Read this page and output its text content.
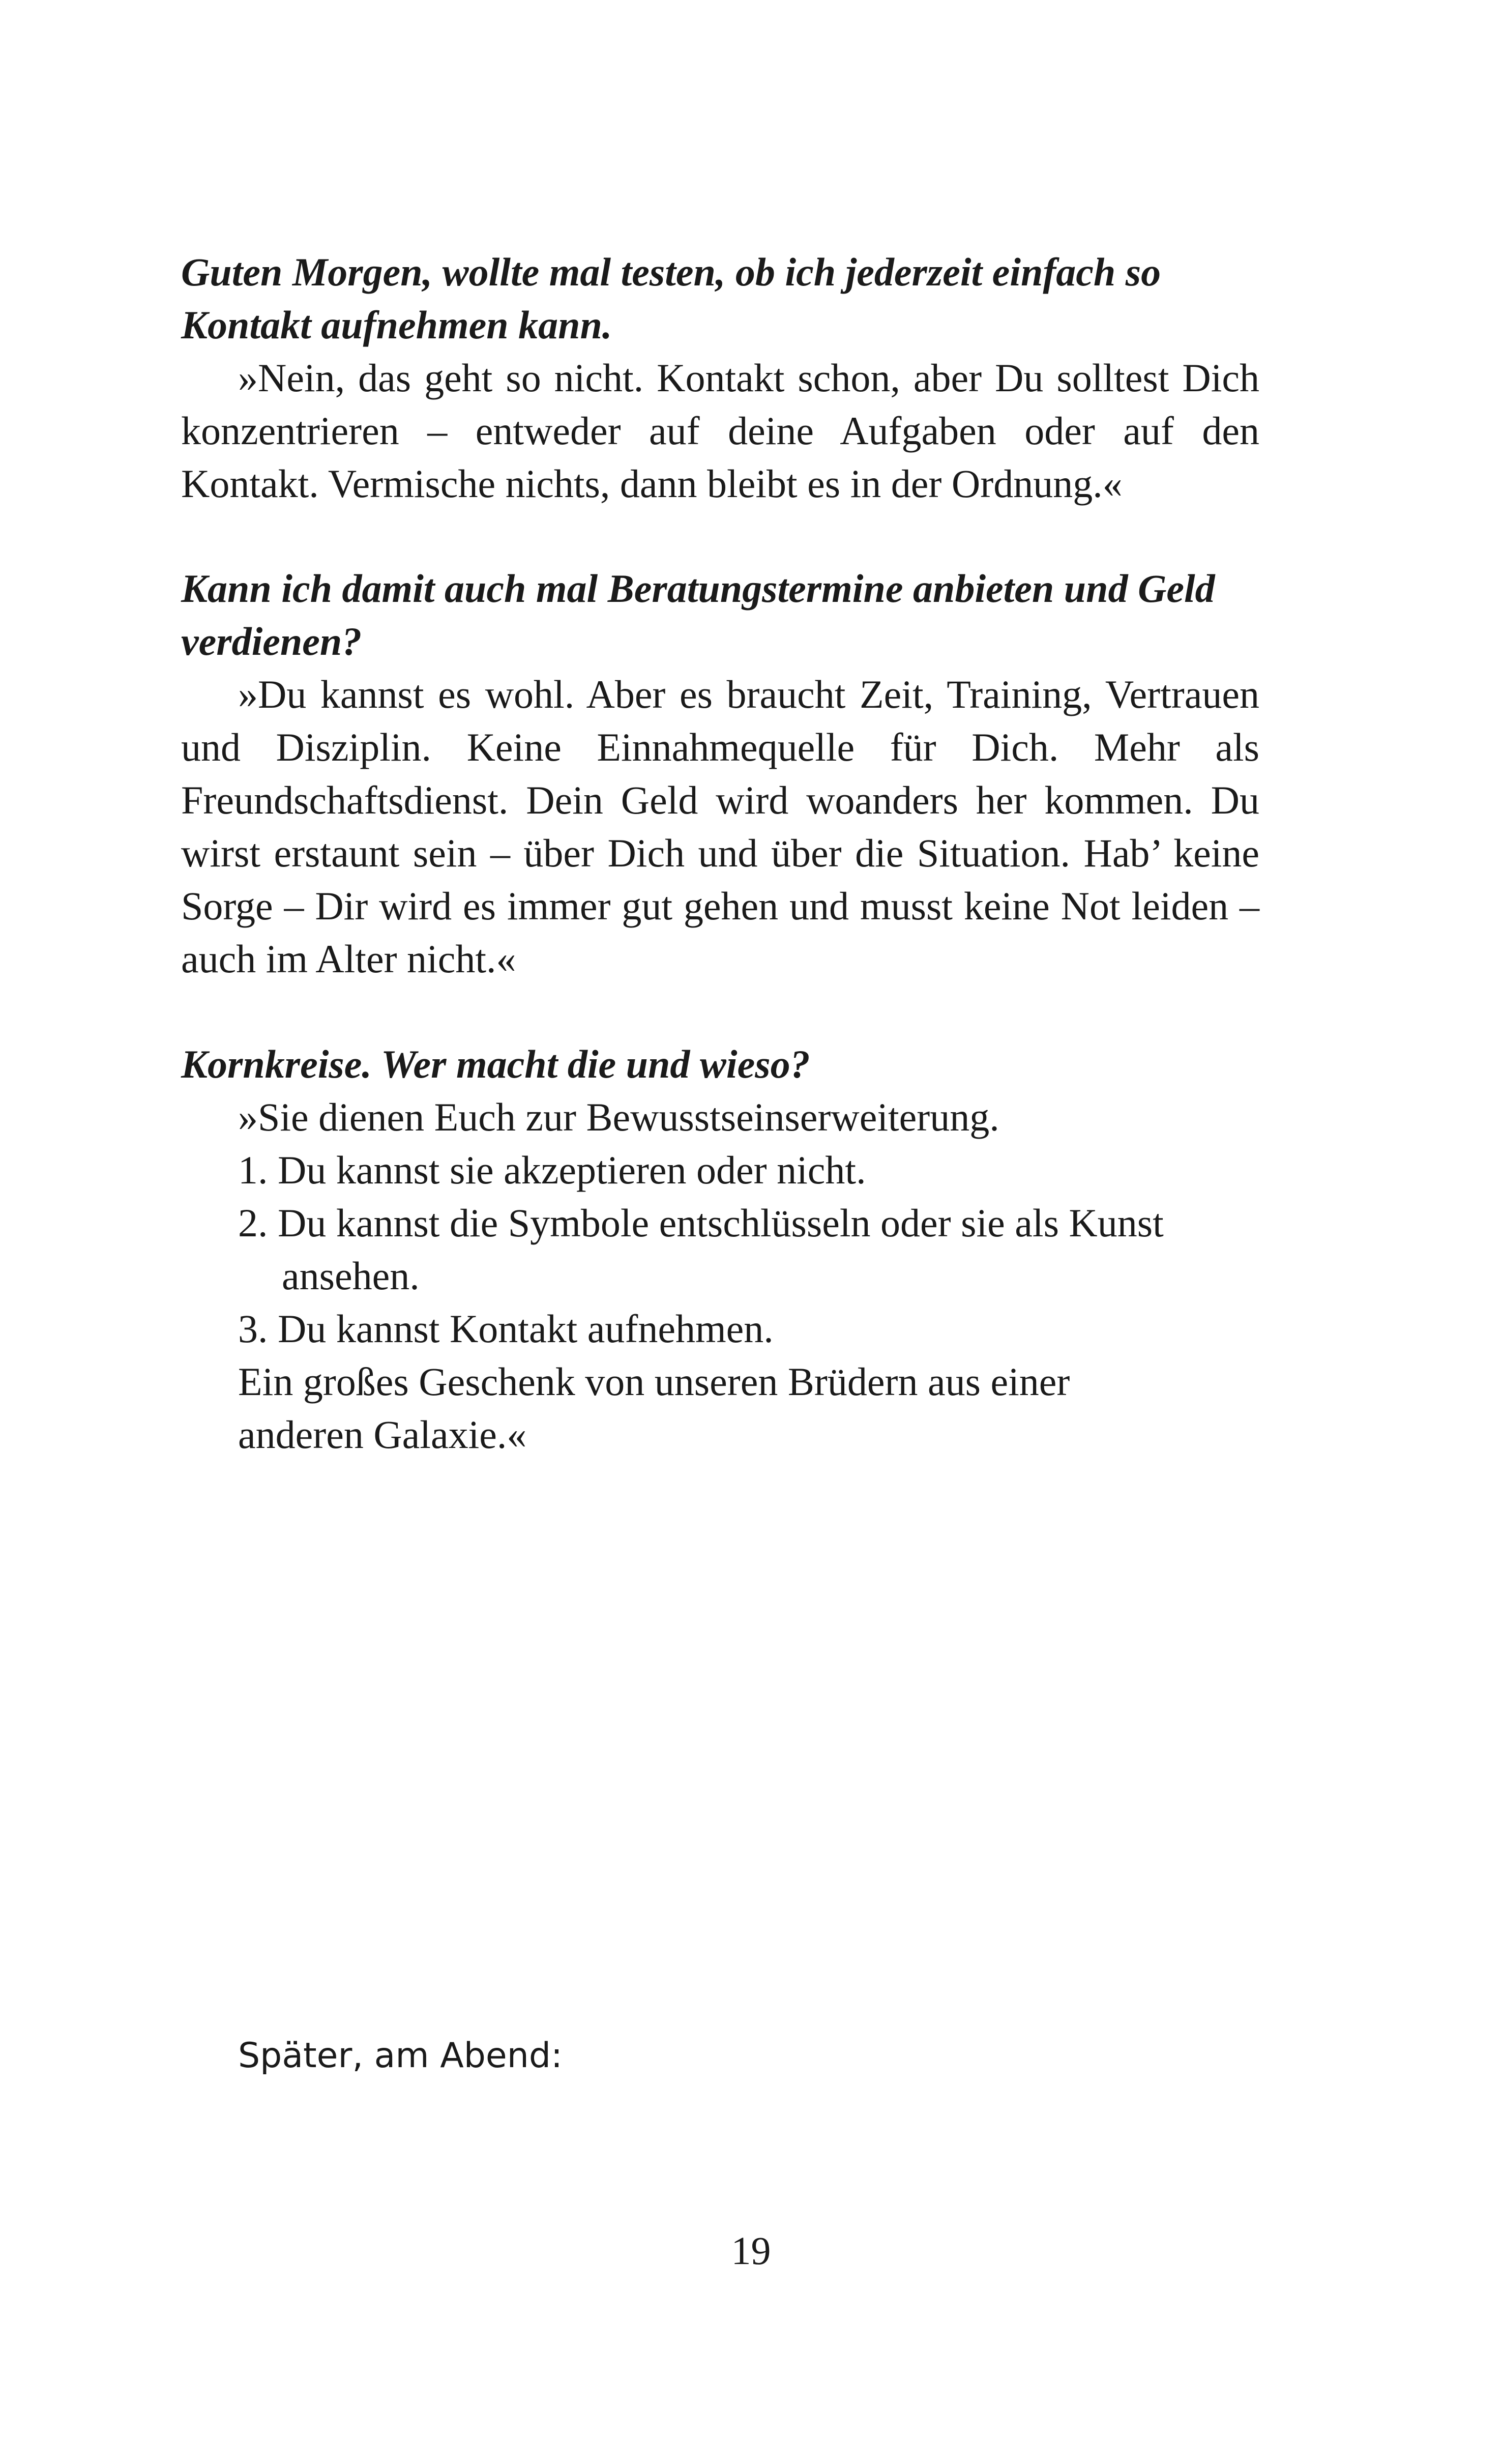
Guten Morgen, wollte mal testen, ob ich jederzeit einfach so Kontakt aufnehmen kann.

»Nein, das geht so nicht. Kontakt schon, aber Du solltest Dich konzentrieren – entweder auf deine Aufgaben oder auf den Kontakt. Vermische nichts, dann bleibt es in der Ordnung.«

Kann ich damit auch mal Beratungstermine anbieten und Geld verdienen?

»Du kannst es wohl. Aber es braucht Zeit, Training, Vertrauen und Disziplin. Keine Einnahmequelle für Dich. Mehr als Freundschaftsdienst. Dein Geld wird woanders her kommen. Du wirst erstaunt sein – über Dich und über die Situation. Hab’ keine Sorge – Dir wird es immer gut gehen und musst keine Not leiden – auch im Alter nicht.«

Kornkreise. Wer macht die und wieso?

»Sie dienen Euch zur Bewusstseinserweiterung.

1. Du kannst sie akzeptieren oder nicht.

2. Du kannst die Symbole entschlüsseln oder sie als Kunst ansehen.

3. Du kannst Kontakt aufnehmen.

Ein großes Geschenk von unseren Brüdern aus einer anderen Galaxie.«

Später, am Abend:

19
